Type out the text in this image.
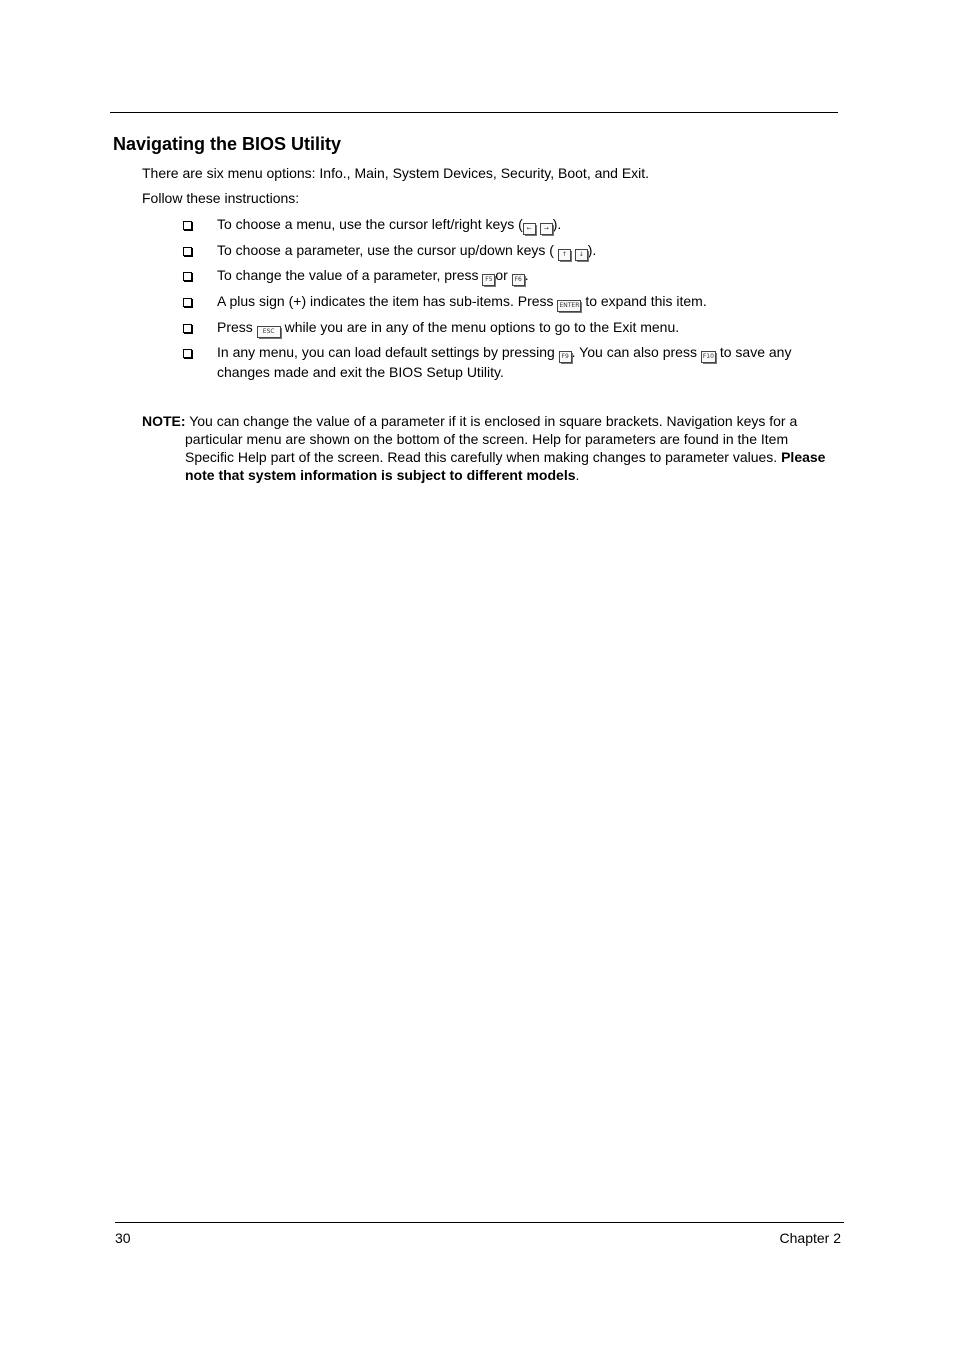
Navigating the BIOS Utility

There are six menu options: Info., Main, System Devices, Security, Boot, and Exit.

Follow these instructions:

To choose a menu, use the cursor left/right keys ( ← → ).
To choose a parameter, use the cursor up/down keys ( ↑ ↓ ).
To change the value of a parameter, press F5 or F6 .
A plus sign (+) indicates the item has sub-items. Press ENTER to expand this item.
Press ESC while you are in any of the menu options to go to the Exit menu.
In any menu, you can load default settings by pressing F9 . You can also press F10 to save any
changes made and exit the BIOS Setup Utility.
NOTE: You can change the value of a parameter if it is enclosed in square brackets. Navigation keys for a
particular menu are shown on the bottom of the screen. Help for parameters are found in the Item
Specific Help part of the screen. Read this carefully when making changes to parameter values. Please
note that system information is subject to different models.
30	Chapter 2
